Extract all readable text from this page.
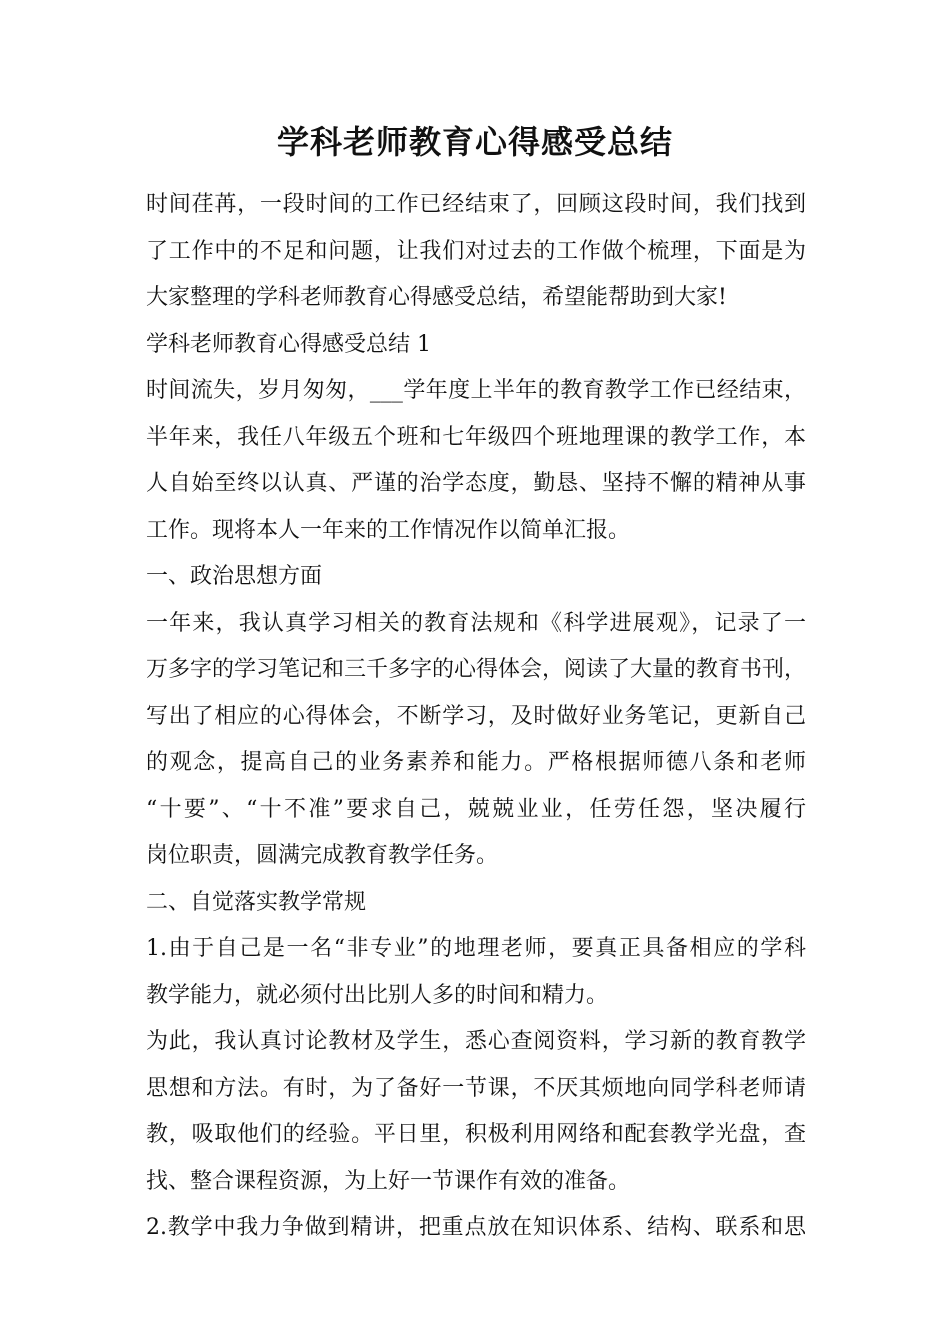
学科老师教育心得感受总结
时间荏苒，一段时间的工作已经结束了，回顾这段时间，我们找到
了工作中的不足和问题，让我们对过去的工作做个梳理，下面是为
大家整理的学科老师教育心得感受总结，希望能帮助到大家!
学科老师教育心得感受总结 1
时间流失，岁月匆匆，___学年度上半年的教育教学工作已经结束，
半年来，我任八年级五个班和七年级四个班地理课的教学工作，本
人自始至终以认真、严谨的治学态度，勤恳、坚持不懈的精神从事
工作。现将本人一年来的工作情况作以简单汇报。
一、政治思想方面
一年来，我认真学习相关的教育法规和《科学进展观》，记录了一
万多字的学习笔记和三千多字的心得体会，阅读了大量的教育书刊，
写出了相应的心得体会，不断学习，及时做好业务笔记，更新自己
的观念，提高自己的业务素养和能力。严格根据师德八条和老师
“十要”、“十不准”要求自己，兢兢业业，任劳任怨，坚决履行
岗位职责，圆满完成教育教学任务。
二、自觉落实教学常规
1.由于自己是一名“非专业”的地理老师，要真正具备相应的学科
教学能力，就必须付出比别人多的时间和精力。
为此，我认真讨论教材及学生，悉心查阅资料，学习新的教育教学
思想和方法。有时，为了备好一节课，不厌其烦地向同学科老师请
教，吸取他们的经验。平日里，积极利用网络和配套教学光盘，查
找、整合课程资源，为上好一节课作有效的准备。
2.教学中我力争做到精讲，把重点放在知识体系、结构、联系和思
